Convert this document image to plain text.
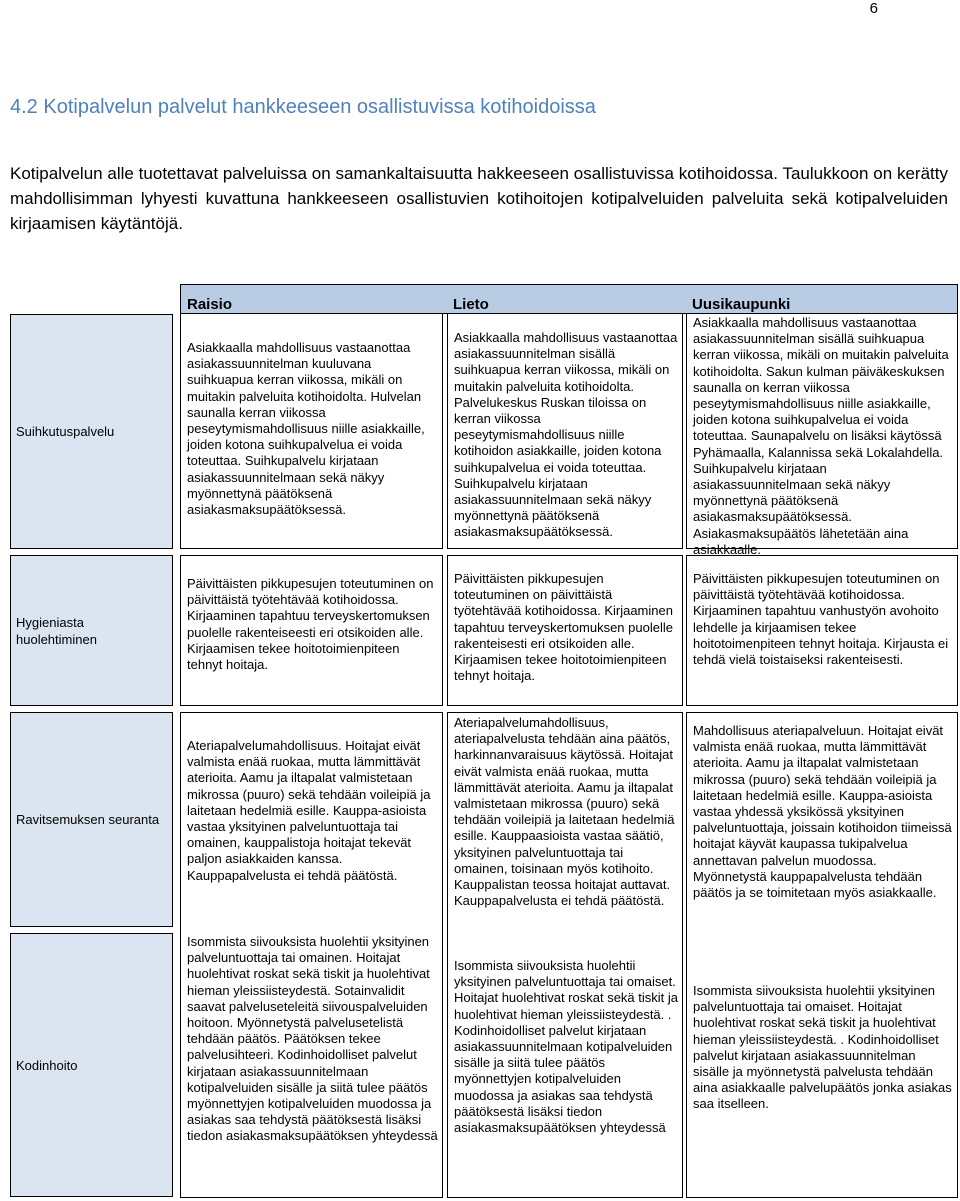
6
4.2 Kotipalvelun palvelut hankkeeseen osallistuvissa kotihoidoissa

Kotipalvelun alle tuotettavat palveluissa on samankaltaisuutta hakkeeseen osallistuvissa kotihoidossa. Taulukkoon on kerätty mahdollisimman lyhyesti kuvattuna hankkeeseen osallistuvien kotihoitojen kotipalveluiden palveluita sekä kotipalveluiden kirjaamisen käytäntöjä.

Raisio	Lieto	Uusikaupunki
Suihkutuspalvelu
Asiakkaalla mahdollisuus vastaanottaa asiakassuunnitelman kuuluvana suihkuapua kerran viikossa, mikäli on muitakin palveluita kotihoidolta. Hulvelan saunalla kerran viikossa peseytymismahdollisuus niille asiakkaille, joiden kotona suihkupalvelua ei voida toteuttaa. Suihkupalvelu kirjataan asiakassuunnitelmaan sekä näkyy myönnettynä päätöksenä asiakasmaksupäätöksessä.
Asiakkaalla mahdollisuus vastaanottaa asiakassuunnitelman sisällä suihkuapua kerran viikossa, mikäli on muitakin palveluita kotihoidolta. Palvelukeskus Ruskan tiloissa on kerran viikossa peseytymismahdollisuus niille kotihoidon asiakkaille, joiden kotona suihkupalvelua ei voida toteuttaa. Suihkupalvelu kirjataan asiakassuunnitelmaan sekä näkyy myönnettynä päätöksenä asiakasmaksupäätöksessä.
Asiakkaalla mahdollisuus vastaanottaa asiakassuunnitelman sisällä suihkuapua kerran viikossa, mikäli on muitakin palveluita kotihoidolta. Sakun kulman päiväkeskuksen saunalla on kerran viikossa peseytymismahdollisuus niille asiakkaille, joiden kotona suihkupalvelua ei voida toteuttaa. Saunapalvelu on lisäksi käytössä Pyhämaalla, Kalannissa sekä Lokalahdella. Suihkupalvelu kirjataan asiakassuunnitelmaan sekä näkyy myönnettynä päätöksenä asiakasmaksupäätöksessä. Asiakasmaksupäätös lähetetään aina asiakkaalle.
Hygieniasta huolehtiminen
Päivittäisten pikkupesujen toteutuminen on päivittäistä työtehtävää kotihoidossa. Kirjaaminen tapahtuu terveyskertomuksen puolelle rakenteiseesti eri otsikoiden alle. Kirjaamisen tekee hoitotoimienpiteen tehnyt hoitaja.
Päivittäisten pikkupesujen toteutuminen on päivittäistä työtehtävää kotihoidossa. Kirjaaminen tapahtuu terveyskertomuksen puolelle rakenteisesti eri otsikoiden alle. Kirjaamisen tekee hoitotoimienpiteen tehnyt hoitaja.
Päivittäisten pikkupesujen toteutuminen on päivittäistä työtehtävää kotihoidossa. Kirjaaminen tapahtuu vanhustyön avohoito lehdelle ja kirjaamisen tekee hoitotoimenpiteen tehnyt hoitaja. Kirjausta ei tehdä vielä toistaiseksi rakenteisesti.
Ravitsemuksen seuranta
Ateriapalvelumahdollisuus. Hoitajat eivät valmista enää ruokaa, mutta lämmittävät aterioita. Aamu ja iltapalat valmistetaan mikrossa (puuro) sekä tehdään voileipiä ja laitetaan hedelmiä esille. Kauppa-asioista vastaa yksityinen palveluntuottaja tai omainen, kauppalistoja hoitajat tekevät paljon asiakkaiden kanssa. Kauppapalvelusta ei tehdä päätöstä.
Ateriapalvelumahdollisuus, ateriapalvelusta tehdään aina päätös, harkinnanvaraisuus käytössä. Hoitajat eivät valmista enää ruokaa, mutta lämmittävät aterioita. Aamu ja iltapalat valmistetaan mikrossa (puuro) sekä tehdään voileipiä ja laitetaan hedelmiä esille. Kauppaasioista vastaa säätiö, yksityinen palveluntuottaja tai omainen, toisinaan myös kotihoito. Kauppalistan teossa hoitajat auttavat. Kauppapalvelusta ei tehdä päätöstä.
Mahdollisuus ateriapalveluun. Hoitajat eivät valmista enää ruokaa, mutta lämmittävät aterioita. Aamu ja iltapalat valmistetaan mikrossa (puuro) sekä tehdään voileipiä ja laitetaan hedelmiä esille. Kauppa-asioista vastaa yhdessä yksikössä yksityinen palveluntuottaja, joissain kotihoidon tiimeissä hoitajat käyvät kaupassa tukipalvelua annettavan palvelun muodossa. Myönnetystä kauppapalvelusta tehdään päätös ja se toimitetaan myös asiakkaalle.
Kodinhoito
Isommista siivouksista huolehtii yksityinen palveluntuottaja tai omainen. Hoitajat huolehtivat roskat sekä tiskit ja huolehtivat hieman yleissiisteydestä. Sotainvalidit saavat palveluseteleitä siivouspalveluiden hoitoon. Myönnetystä palvelusetelistä tehdään päätös. Päätöksen tekee palvelusihteeri. Kodinhoidolliset palvelut kirjataan asiakassuunnitelmaan kotipalveluiden sisälle ja siitä tulee päätös myönnettyjen kotipalveluiden muodossa ja asiakas saa tehdystä päätöksestä lisäksi tiedon asiakasmaksupäätöksen yhteydessä
Isommista siivouksista huolehtii yksityinen palveluntuottaja tai omaiset. Hoitajat huolehtivat roskat sekä tiskit ja huolehtivat hieman yleissiisteydestä. . Kodinhoidolliset palvelut kirjataan asiakassuunnitelmaan kotipalveluiden sisälle ja siitä tulee päätös myönnettyjen kotipalveluiden muodossa ja asiakas saa tehdystä päätöksestä lisäksi tiedon asiakasmaksupäätöksen yhteydessä
Isommista siivouksista huolehtii yksityinen palveluntuottaja tai omaiset. Hoitajat huolehtivat roskat sekä tiskit ja huolehtivat hieman yleissiisteydestä. . Kodinhoidolliset palvelut kirjataan asiakassuunnitelman sisälle ja myönnetystä palvelusta tehdään aina asiakkaalle palvelupäätös jonka asiakas saa itselleen.
